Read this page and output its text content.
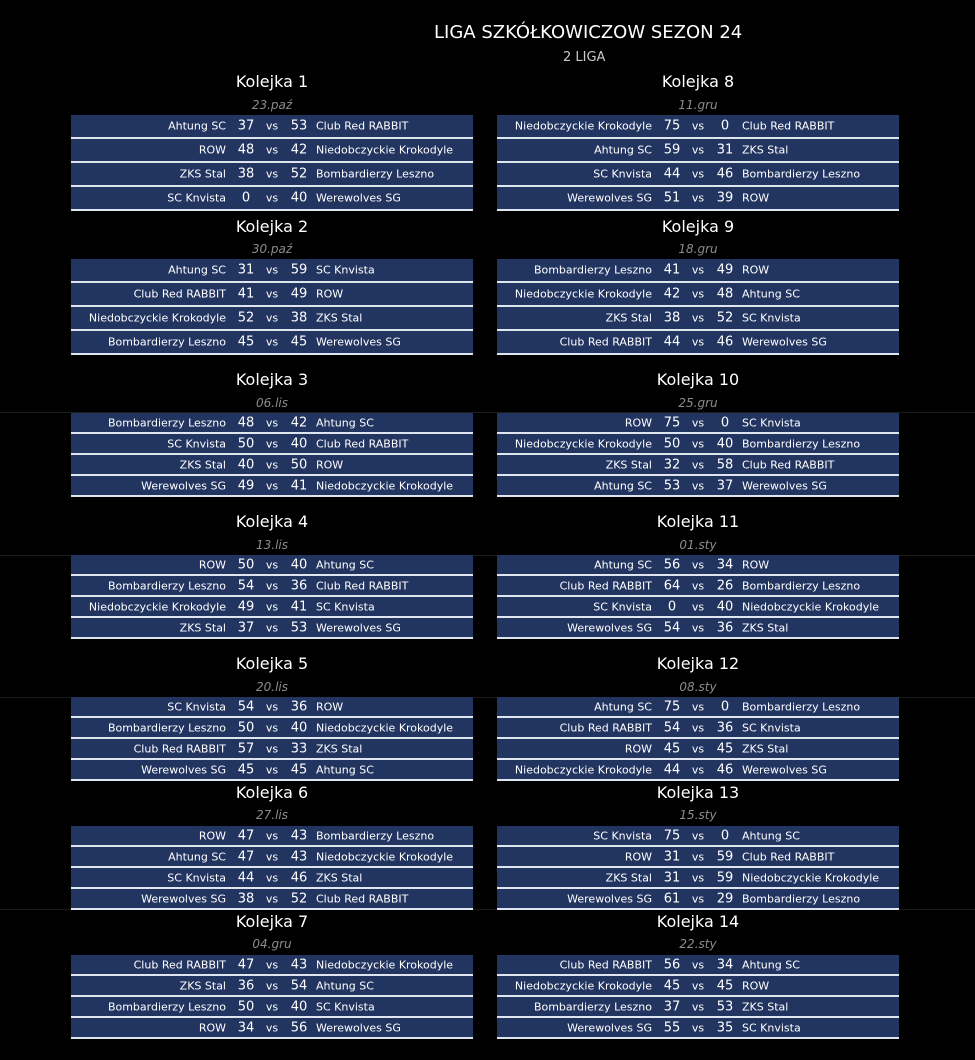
LIGA SZKÓŁKOWICZOW SEZON 24
2 LIGA
Kolejka 1
23.paź
Ahtung SC 37 vs 53 Club Red RABBIT
ROW 48 vs 42 Niedobczyckie Krokodyle
ZKS Stal 38 vs 52 Bombardierzy Leszno
SC Knvista	0	vs 40 Werewolves SG
Kolejka 2
30.paź
Ahtung SC 31 vs 59 SC Knvista
Club Red RABBIT 41 vs 49 ROW
Niedobczyckie Krokodyle 52 vs 38 ZKS Stal
Bombardierzy Leszno 45 vs 45 Werewolves SG
Kolejka 3
06.lis
Bombardierzy Leszno 48 vs 42 Ahtung SC
SC Knvista 50 vs 40 Club Red RABBIT
ZKS Stal 40 vs 50 ROW
Werewolves SG 49 vs 41 Niedobczyckie Krokodyle
Kolejka 4
13.lis
ROW 50 vs 40 Ahtung SC
Bombardierzy Leszno 54 vs 36 Club Red RABBIT
Niedobczyckie Krokodyle 49 vs 41 SC Knvista
ZKS Stal 37 vs 53 Werewolves SG
Kolejka 5
20.lis
SC Knvista 54 vs 36 ROW
Bombardierzy Leszno 50 vs 40 Niedobczyckie Krokodyle
Club Red RABBIT 57 vs 33 ZKS Stal
Werewolves SG 45 vs 45 Ahtung SC
Kolejka 6
27.lis
ROW 47 vs 43 Bombardierzy Leszno
Ahtung SC 47 vs 43 Niedobczyckie Krokodyle
SC Knvista 44 vs 46 ZKS Stal
Werewolves SG 38 vs 52 Club Red RABBIT
Kolejka 7
04.gru
Club Red RABBIT 47 vs 43 Niedobczyckie Krokodyle
ZKS Stal 36 vs 54 Ahtung SC
Bombardierzy Leszno 50 vs 40 SC Knvista
ROW 34 vs 56 Werewolves SG
Kolejka 8
11.gru
Niedobczyckie Krokodyle 75 vs	0	Club Red RABBIT
Ahtung SC 59 vs 31 ZKS Stal
SC Knvista 44 vs 46 Bombardierzy Leszno
Werewolves SG 51 vs 39 ROW
Kolejka 9
18.gru
Bombardierzy Leszno 41 vs 49 ROW
Niedobczyckie Krokodyle 42 vs 48 Ahtung SC
ZKS Stal 38 vs 52 SC Knvista
Club Red RABBIT 44 vs 46 Werewolves SG
Kolejka 10
25.gru
ROW 75 vs	0	SC Knvista
Niedobczyckie Krokodyle 50 vs 40 Bombardierzy Leszno
ZKS Stal 32 vs 58 Club Red RABBIT
Ahtung SC 53 vs 37 Werewolves SG
Kolejka 11
01.sty
Ahtung SC 56 vs 34 ROW
Club Red RABBIT 64 vs 26 Bombardierzy Leszno
SC Knvista	0	vs 40 Niedobczyckie Krokodyle
Werewolves SG 54 vs 36 ZKS Stal
Kolejka 12
08.sty
Ahtung SC 75 vs	0	Bombardierzy Leszno
Club Red RABBIT 54 vs 36 SC Knvista
ROW 45 vs 45 ZKS Stal
Niedobczyckie Krokodyle 44 vs 46 Werewolves SG
Kolejka 13
15.sty
SC Knvista 75 vs	0	Ahtung SC
ROW 31 vs 59 Club Red RABBIT
ZKS Stal 31 vs 59 Niedobczyckie Krokodyle
Werewolves SG 61 vs 29 Bombardierzy Leszno
Kolejka 14
22.sty
Club Red RABBIT 56 vs 34 Ahtung SC
Niedobczyckie Krokodyle 45 vs 45 ROW
Bombardierzy Leszno 37 vs 53 ZKS Stal
Werewolves SG 55 vs 35 SC Knvista
